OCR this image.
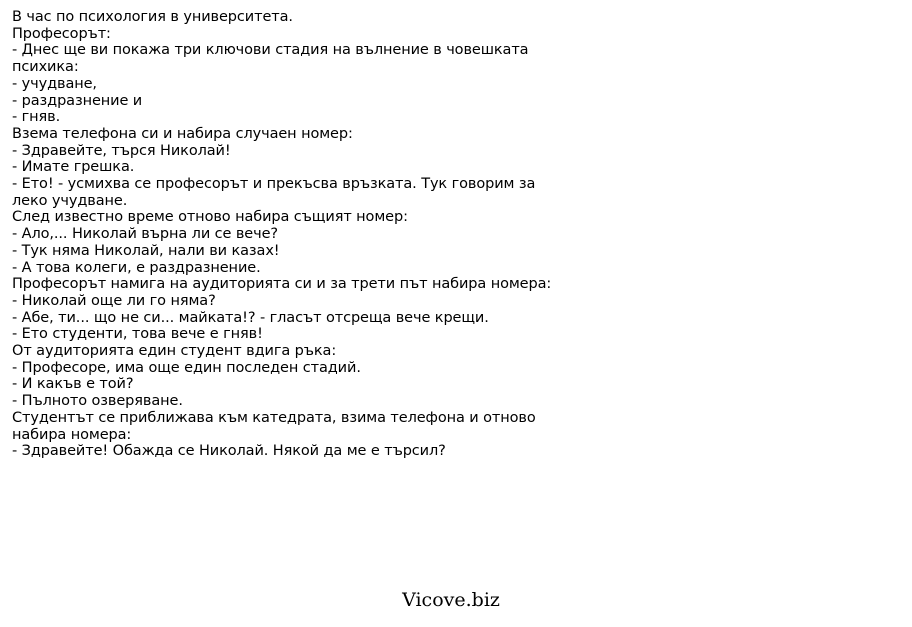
В час по психология в университета.
Професорът:
- Днес ще ви покажа три ключови стадия на вълнение в човешката
психика:
- учудване,
- раздразнение и
- гняв.
Взема телефона си и набира случаен номер:
- Здравейте, търся Николай!
- Имате грешка.
- Ето! - усмихва се професорът и прекъсва връзката. Тук говорим за
леко учудване.
След известно време отново набира същият номер:
- Ало,... Николай върна ли се вече?
- Тук няма Николай, нали ви казах!
- А това колеги, е раздразнение.
Професорът намига на аудиторията си и за трети път набира номера:
- Николай още ли го няма?
- Абе, ти... що не си... майката!? - гласът отсреща вече крещи.
- Ето студенти, това вече е гняв!
От аудиторията един студент вдига ръка:
- Професоре, има още един последен стадий.
- И какъв е той?
- Пълното озверяване.
Студентът се приближава към катедрата, взима телефона и отново
набира номера:
- Здравейте! Обажда се Николай. Някой да ме е търсил?
Vicove.biz
